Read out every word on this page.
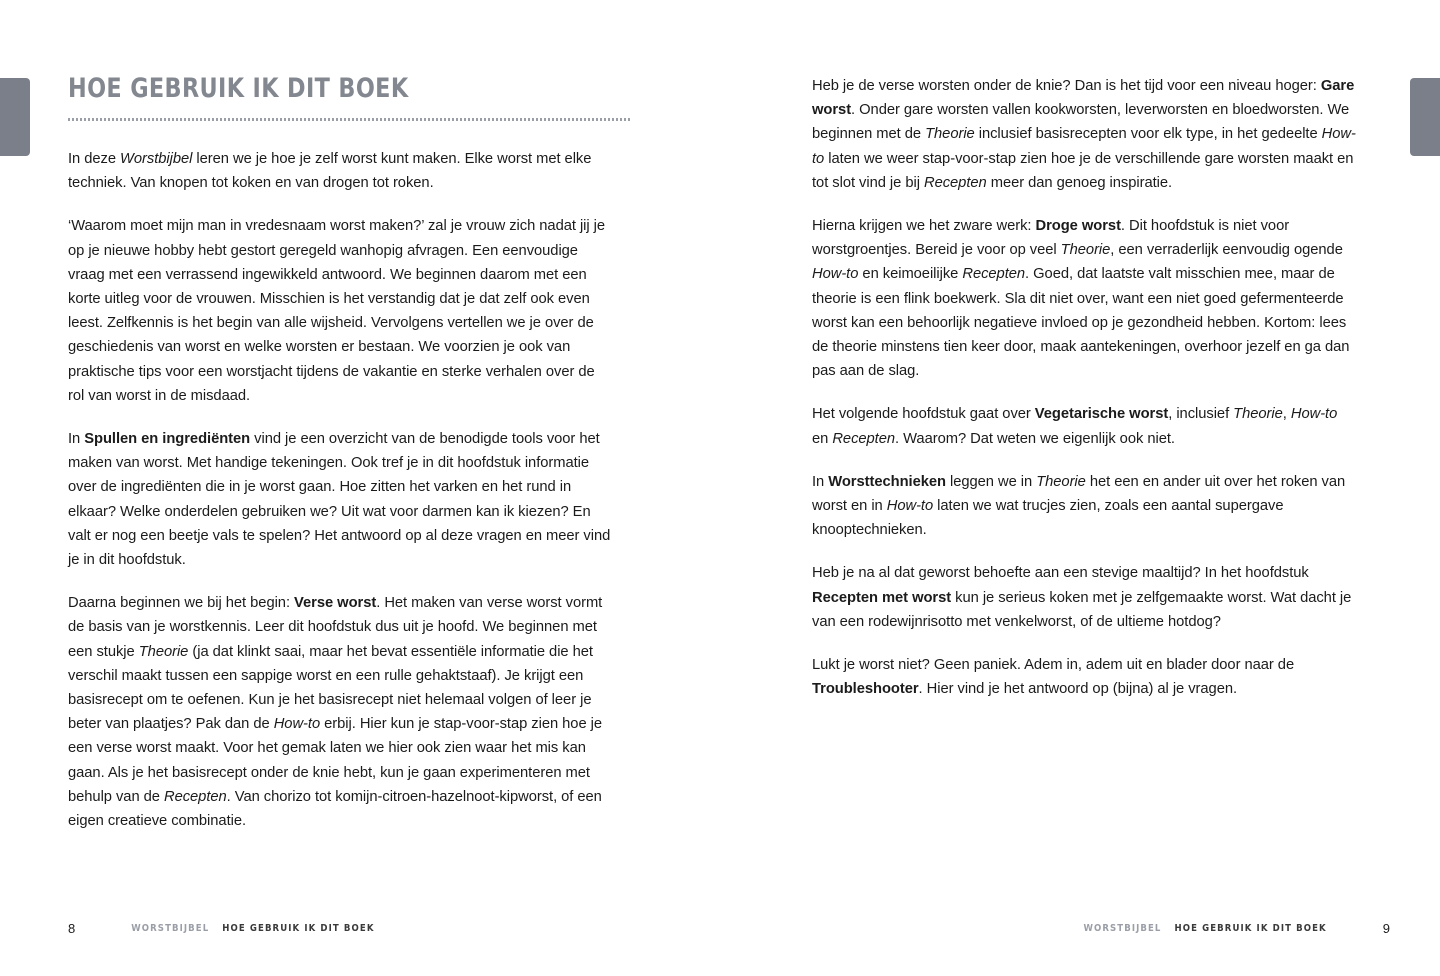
HOE GEBRUIK IK DIT BOEK

In deze Worstbijbel leren we je hoe je zelf worst kunt maken. Elke worst met elke techniek. Van knopen tot koken en van drogen tot roken.

‘Waarom moet mijn man in vredesnaam worst maken?’ zal je vrouw zich nadat jij je op je nieuwe hobby hebt gestort geregeld wanhopig afvragen. Een eenvoudige vraag met een verrassend ingewikkeld antwoord. We beginnen daarom met een korte uitleg voor de vrouwen. Misschien is het verstandig dat je dat zelf ook even leest. Zelfkennis is het begin van alle wijsheid. Vervolgens vertellen we je over de geschiedenis van worst en welke worsten er bestaan. We voorzien je ook van praktische tips voor een worstjacht tijdens de vakantie en sterke verhalen over de rol van worst in de misdaad.

In Spullen en ingrediënten vind je een overzicht van de benodigde tools voor het maken van worst. Met handige tekeningen. Ook tref je in dit hoofdstuk informatie over de ingrediënten die in je worst gaan. Hoe zitten het varken en het rund in elkaar? Welke onderdelen gebruiken we? Uit wat voor darmen kan ik kiezen? En valt er nog een beetje vals te spelen? Het antwoord op al deze vragen en meer vind je in dit hoofdstuk.

Daarna beginnen we bij het begin: Verse worst. Het maken van verse worst vormt de basis van je worstkennis. Leer dit hoofdstuk dus uit je hoofd. We beginnen met een stukje Theorie (ja dat klinkt saai, maar het bevat essentiële informatie die het verschil maakt tussen een sappige worst en een rulle gehaktstaaf). Je krijgt een basisrecept om te oefenen. Kun je het basisrecept niet helemaal volgen of leer je beter van plaatjes? Pak dan de How-to erbij. Hier kun je stap-voor-stap zien hoe je een verse worst maakt. Voor het gemak laten we hier ook zien waar het mis kan gaan. Als je het basisrecept onder de knie hebt, kun je gaan experimenteren met behulp van de Recepten. Van chorizo tot komijn-citroen-hazelnoot-kipworst, of een eigen creatieve combinatie.

8	WORSTBIJBEL HOE GEBRUIK IK DIT BOEK

Heb je de verse worsten onder de knie? Dan is het tijd voor een niveau hoger: Gare worst. Onder gare worsten vallen kookworsten, leverworsten en bloedworsten. We beginnen met de Theorie inclusief basisrecepten voor elk type, in het gedeelte How-to laten we weer stap-voor-stap zien hoe je de verschillende gare worsten maakt en tot slot vind je bij Recepten meer dan genoeg inspiratie.

Hierna krijgen we het zware werk: Droge worst. Dit hoofdstuk is niet voor worstgroentjes. Bereid je voor op veel Theorie, een verraderlijk eenvoudig ogende How-to en keimoeilijke Recepten. Goed, dat laatste valt misschien mee, maar de theorie is een flink boekwerk. Sla dit niet over, want een niet goed gefermenteerde worst kan een behoorlijk negatieve invloed op je gezondheid hebben. Kortom: lees de theorie minstens tien keer door, maak aantekeningen, overhoor jezelf en ga dan pas aan de slag.

Het volgende hoofdstuk gaat over Vegetarische worst, inclusief Theorie, How-to en Recepten. Waarom? Dat weten we eigenlijk ook niet.

In Worsttechnieken leggen we in Theorie het een en ander uit over het roken van worst en in How-to laten we wat trucjes zien, zoals een aantal supergave knooptechnieken.

Heb je na al dat geworst behoefte aan een stevige maaltijd? In het hoofdstuk Recepten met worst kun je serieus koken met je zelfgemaakte worst. Wat dacht je van een rodewijnrisotto met venkelworst, of de ultieme hotdog?

Lukt je worst niet? Geen paniek. Adem in, adem uit en blader door naar de Troubleshooter. Hier vind je het antwoord op (bijna) al je vragen.

WORSTBIJBEL HOE GEBRUIK IK DIT BOEK	9
